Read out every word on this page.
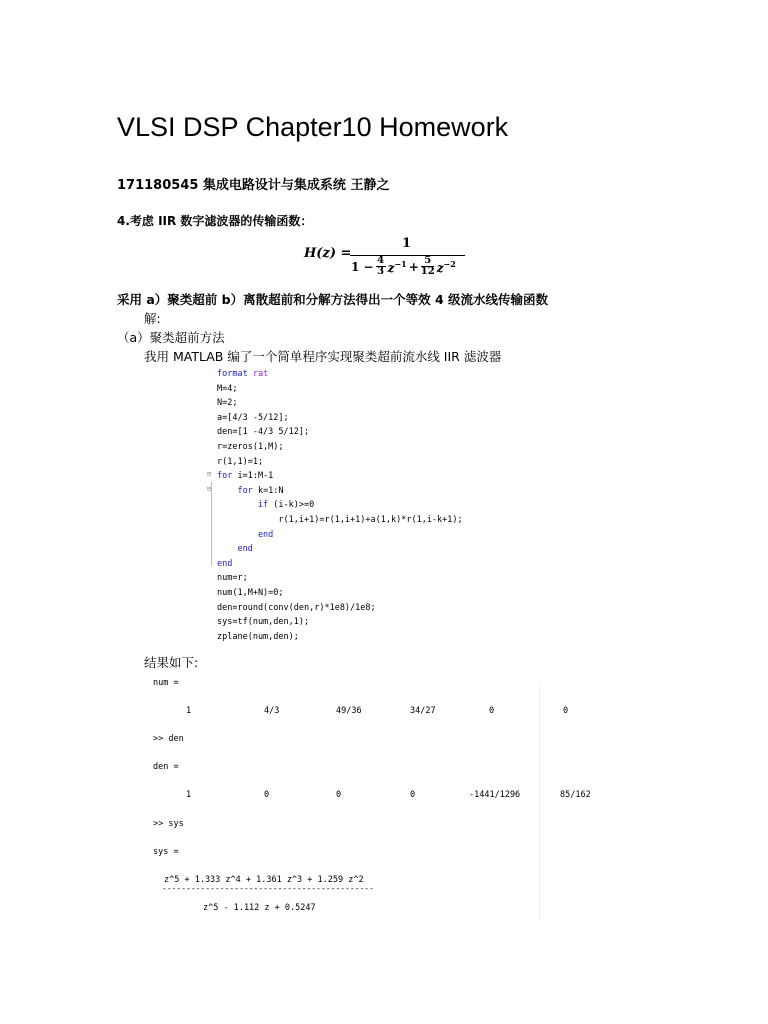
VLSI DSP Chapter10 Homework
171180545 集成电路设计与集成系统 王静之
4.考虑 IIR 数字滤波器的传输函数：
H(z) =
1
$1 - \frac{4}{3} z^{-1} + \frac{5}{12} z^{-2}$
采用 a）聚类超前 b）离散超前和分解方法得出一个等效 4 级流水线传输函数
解:
（a）聚类超前方法
我用 MATLAB 编了一个简单程序实现聚类超前流水线 IIR 滤波器
⊟
⊟
format rat
M=4;
N=2;
a=[4/3 -5/12];
den=[1 -4/3 5/12];
r=zeros(1,M);
r(1,1)=1;
for i=1:M-1
for k=1:N
if (i-k)>=0
r(1,i+1)=r(1,i+1)+a(1,k)*r(1,i-k+1);
end
end
end
num=r;
num(1,M+N)=0;
den=round(conv(den,r)*1e8)/1e8;
sys=tf(num,den,1);
zplane(num,den);
结果如下:
num =
1	4/3	49/36	34/27	0	0
>> den
den =
1	0	0	0	-1441/1296	85/162
>> sys
sys =
z^5 + 1.333 z^4 + 1.361 z^3 + 1.259 z^2
--------------------------------------------
z^5 - 1.112 z + 0.5247
